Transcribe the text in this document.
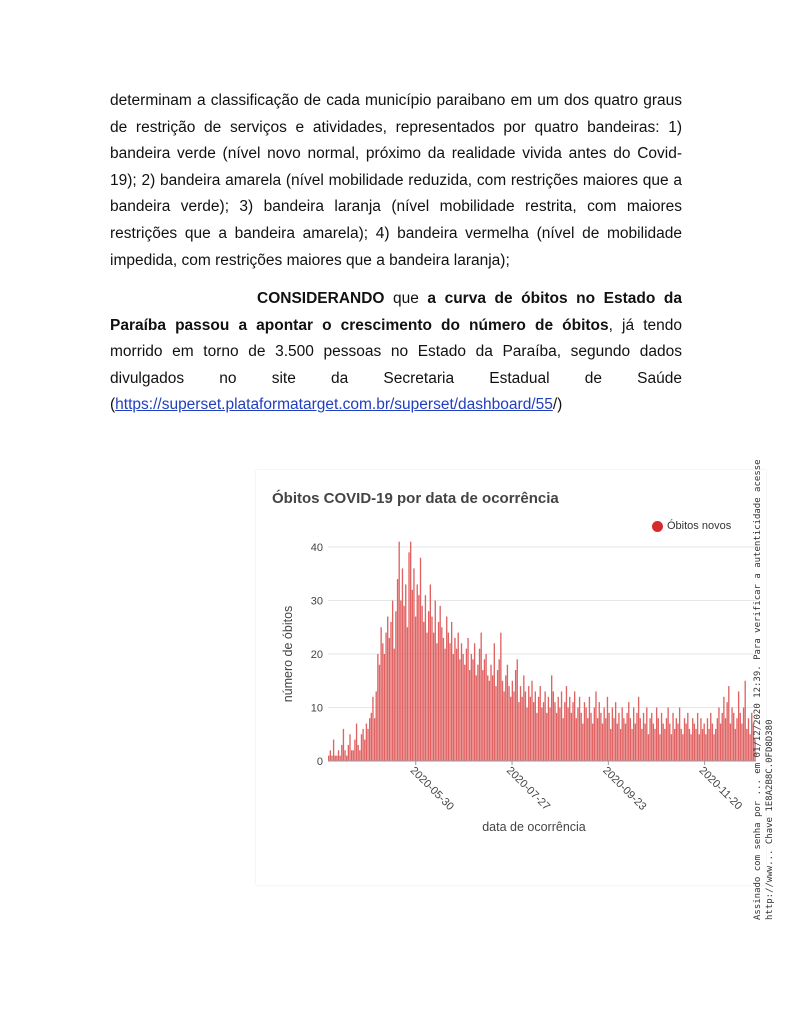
determinam a classificação de cada município paraibano em um dos quatro graus
de restrição de serviços e atividades, representados por quatro bandeiras: 1)
bandeira verde (nível novo normal, próximo da realidade vivida antes do Covid-
19); 2) bandeira amarela (nível mobilidade reduzida, com restrições maiores que a
bandeira verde); 3) bandeira laranja (nível mobilidade restrita, com maiores
restrições que a bandeira amarela); 4) bandeira vermelha (nível de mobilidade
impedida, com restrições maiores que a bandeira laranja);
CONSIDERANDO que a curva de óbitos no Estado da
Paraíba passou a apontar o crescimento do número de óbitos, já tendo
morrido em torno de 3.500 pessoas no Estado da Paraíba, segundo dados
divulgados no site da Secretaria Estadual de Saúde
(https://superset.plataformatarget.com.br/superset/dashboard/55/)
Óbitos COVID-19 por data de ocorrência
Óbitos novos
0
10
20
30
40
2020-05-30	2020-07-27	2020-09-23	2020-11-20
data de ocorrência
número de óbitos	Assinado com senha por ... em 01/12/2020 12:39. Para verificar a autenticidade acesse http://www... Chave 1E8A2B8C.0FD8D380
